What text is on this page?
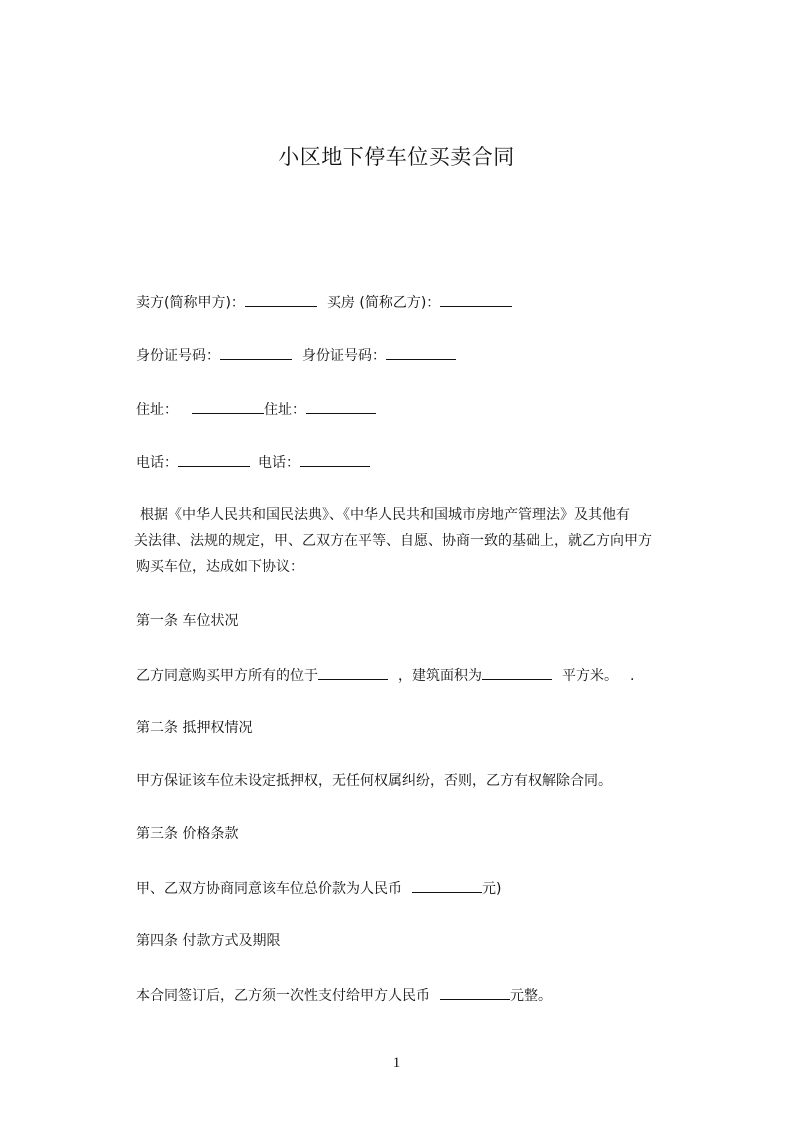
小区地下停车位买卖合同
卖方(简称甲方)：	买房 (简称乙方)：
身份证号码：	身份证号码：
住址：	住址：
电话：	电话：
根据《中华人民共和国民法典》、《中华人民共和国城市房地产管理法》及其他有
关法律、法规的规定，甲、乙双方在平等、自愿、协商一致的基础上，就乙方向甲方
购买车位，达成如下协议：
第一条 车位状况
乙方同意购买甲方所有的位于	，建筑面积为	平方米。 .
第二条 抵押权情况
甲方保证该车位未设定抵押权，无任何权属纠纷，否则，乙方有权解除合同。
第三条 价格条款
甲、乙双方协商同意该车位总价款为人民币	元)
第四条 付款方式及期限
本合同签订后，乙方须一次性支付给甲方人民币	元整。
1
